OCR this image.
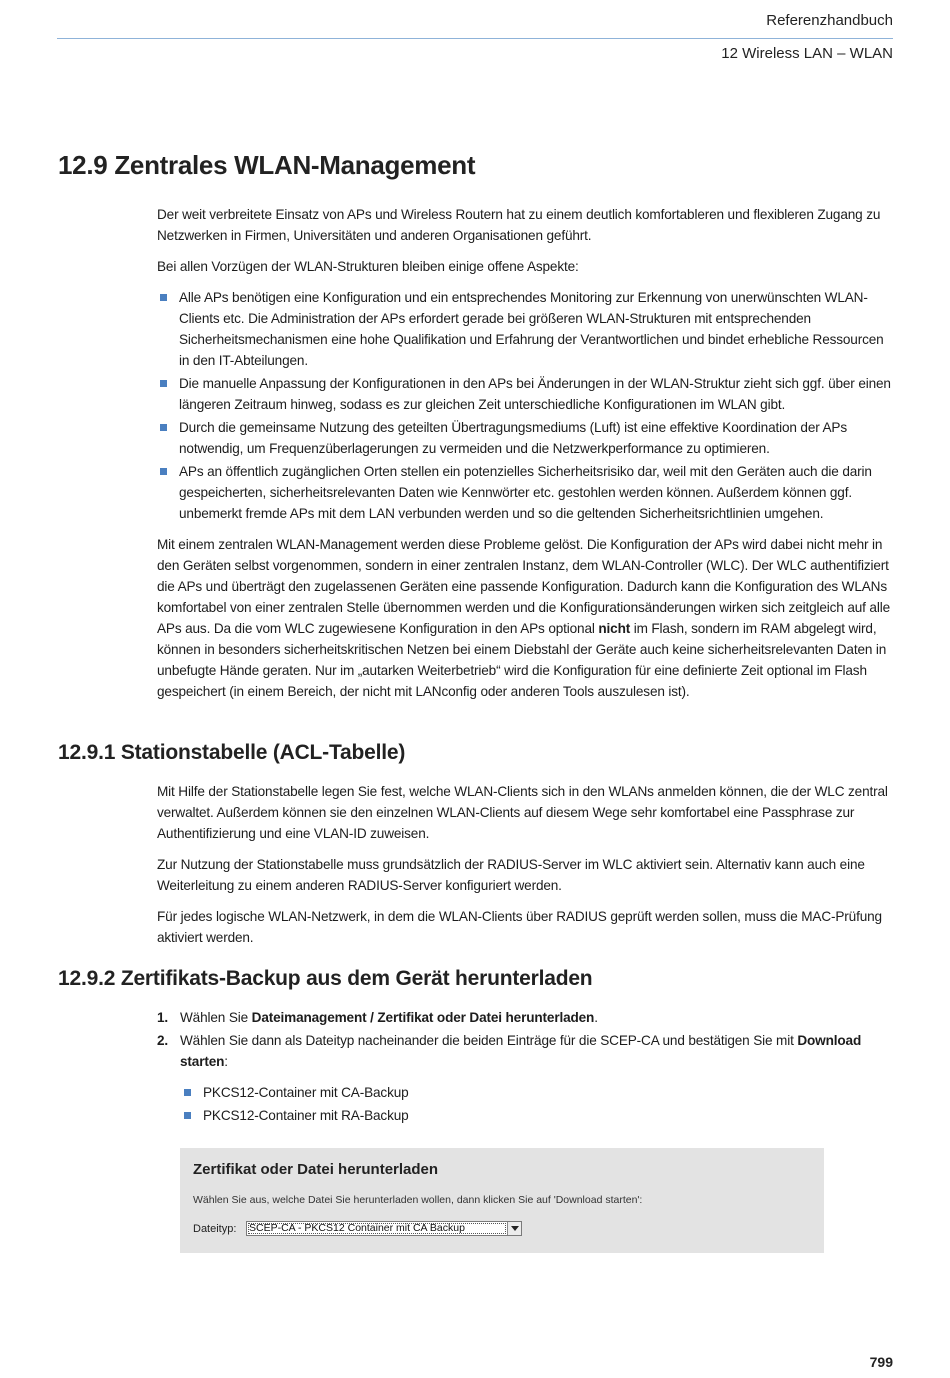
Referenzhandbuch
12 Wireless LAN – WLAN
12.9 Zentrales WLAN-Management

Der weit verbreitete Einsatz von APs und Wireless Routern hat zu einem deutlich komfortableren und flexibleren Zugang zu Netzwerken in Firmen, Universitäten und anderen Organisationen geführt.

Bei allen Vorzügen der WLAN-Strukturen bleiben einige offene Aspekte:

Alle APs benötigen eine Konfiguration und ein entsprechendes Monitoring zur Erkennung von unerwünschten WLAN-Clients etc. Die Administration der APs erfordert gerade bei größeren WLAN-Strukturen mit entsprechenden Sicherheitsmechanismen eine hohe Qualifikation und Erfahrung der Verantwortlichen und bindet erhebliche Ressourcen in den IT-Abteilungen.
Die manuelle Anpassung der Konfigurationen in den APs bei Änderungen in der WLAN-Struktur zieht sich ggf. über einen längeren Zeitraum hinweg, sodass es zur gleichen Zeit unterschiedliche Konfigurationen im WLAN gibt.
Durch die gemeinsame Nutzung des geteilten Übertragungsmediums (Luft) ist eine effektive Koordination der APs notwendig, um Frequenzüberlagerungen zu vermeiden und die Netzwerkperformance zu optimieren.
APs an öffentlich zugänglichen Orten stellen ein potenzielles Sicherheitsrisiko dar, weil mit den Geräten auch die darin gespeicherten, sicherheitsrelevanten Daten wie Kennwörter etc. gestohlen werden können. Außerdem können ggf. unbemerkt fremde APs mit dem LAN verbunden werden und so die geltenden Sicherheitsrichtlinien umgehen.

Mit einem zentralen WLAN-Management werden diese Probleme gelöst. Die Konfiguration der APs wird dabei nicht mehr in den Geräten selbst vorgenommen, sondern in einer zentralen Instanz, dem WLAN-Controller (WLC). Der WLC authentifiziert die APs und überträgt den zugelassenen Geräten eine passende Konfiguration. Dadurch kann die Konfiguration des WLANs komfortabel von einer zentralen Stelle übernommen werden und die Konfigurationsänderungen wirken sich zeitgleich auf alle APs aus. Da die vom WLC zugewiesene Konfiguration in den APs optional nicht im Flash, sondern im RAM abgelegt wird, können in besonders sicherheitskritischen Netzen bei einem Diebstahl der Geräte auch keine sicherheitsrelevanten Daten in unbefugte Hände geraten. Nur im „autarken Weiterbetrieb“ wird die Konfiguration für eine definierte Zeit optional im Flash gespeichert (in einem Bereich, der nicht mit LANconfig oder anderen Tools auszulesen ist).

12.9.1 Stationstabelle (ACL-Tabelle)

Mit Hilfe der Stationstabelle legen Sie fest, welche WLAN-Clients sich in den WLANs anmelden können, die der WLC zentral verwaltet. Außerdem können sie den einzelnen WLAN-Clients auf diesem Wege sehr komfortabel eine Passphrase zur Authentifizierung und eine VLAN-ID zuweisen.

Zur Nutzung der Stationstabelle muss grundsätzlich der RADIUS-Server im WLC aktiviert sein. Alternativ kann auch eine Weiterleitung zu einem anderen RADIUS-Server konfiguriert werden.

Für jedes logische WLAN-Netzwerk, in dem die WLAN-Clients über RADIUS geprüft werden sollen, muss die MAC-Prüfung aktiviert werden.

12.9.2 Zertifikats-Backup aus dem Gerät herunterladen
1. Wählen Sie Dateimanagement / Zertifikat oder Datei herunterladen.
2. Wählen Sie dann als Dateityp nacheinander die beiden Einträge für die SCEP-CA und bestätigen Sie mit Download starten:
PKCS12-Container mit CA-Backup
PKCS12-Container mit RA-Backup
Zertifikat oder Datei herunterladen
Wählen Sie aus, welche Datei Sie herunterladen wollen, dann klicken Sie auf 'Download starten':
Dateityp: SCEP-CA - PKCS12 Container mit CA Backup
799
